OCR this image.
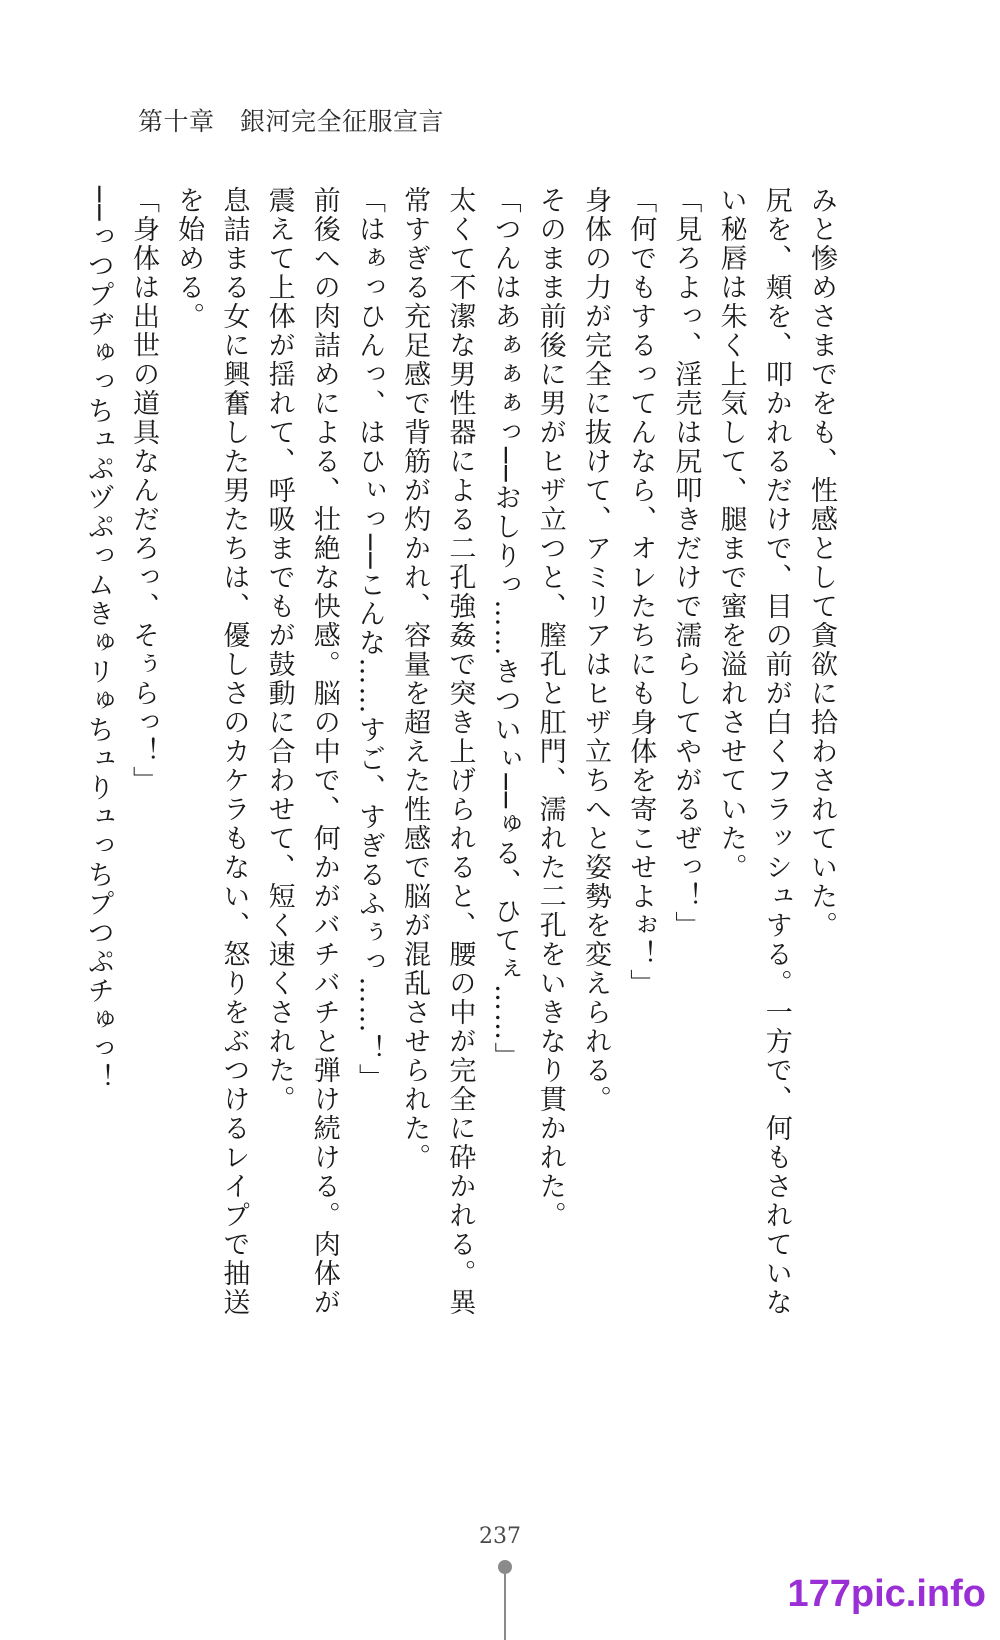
第十章　銀河完全征服宣言

みと惨めさまでをも、性感として貪欲に拾わされていた。

尻を、頬を、叩かれるだけで、目の前が白くフラッシュする。一方で、何もされていな
い秘唇は朱く上気して、腿まで蜜を溢れさせていた。

「見ろよっ、淫売は尻叩きだけで濡らしてやがるぜっ！」

「何でもするってんなら、オレたちにも身体を寄こせよぉ！」

身体の力が完全に抜けて、アミリアはヒザ立ちへと姿勢を変えられる。

そのまま前後に男がヒザ立つと、膣孔と肛門、濡れた二孔をいきなり貫かれた。

「つんはあぁぁぁっ──おしりっ……きついぃ──ゅる、ひてぇ……」

太くて不潔な男性器による二孔強姦で突き上げられると、腰の中が完全に砕かれる。異
常すぎる充足感で背筋が灼かれ、容量を超えた性感で脳が混乱させられた。

「はぁっひんっ、はひぃっ──こんな……すご、すぎるふぅっ……！」

前後への肉詰めによる、壮絶な快感。脳の中で、何かがバチバチと弾け続ける。肉体が
震えて上体が揺れて、呼吸までもが鼓動に合わせて、短く速くされた。

息詰まる女に興奮した男たちは、優しさのカケラもない、怒りをぶつけるレイプで抽送
を始める。

「身体は出世の道具なんだろっ、そぅらっ！」

──っつプヂゅっちュぷヅぷっムきゅリゅちュりュっちプつぷチゅっ！

237
177pic.info
